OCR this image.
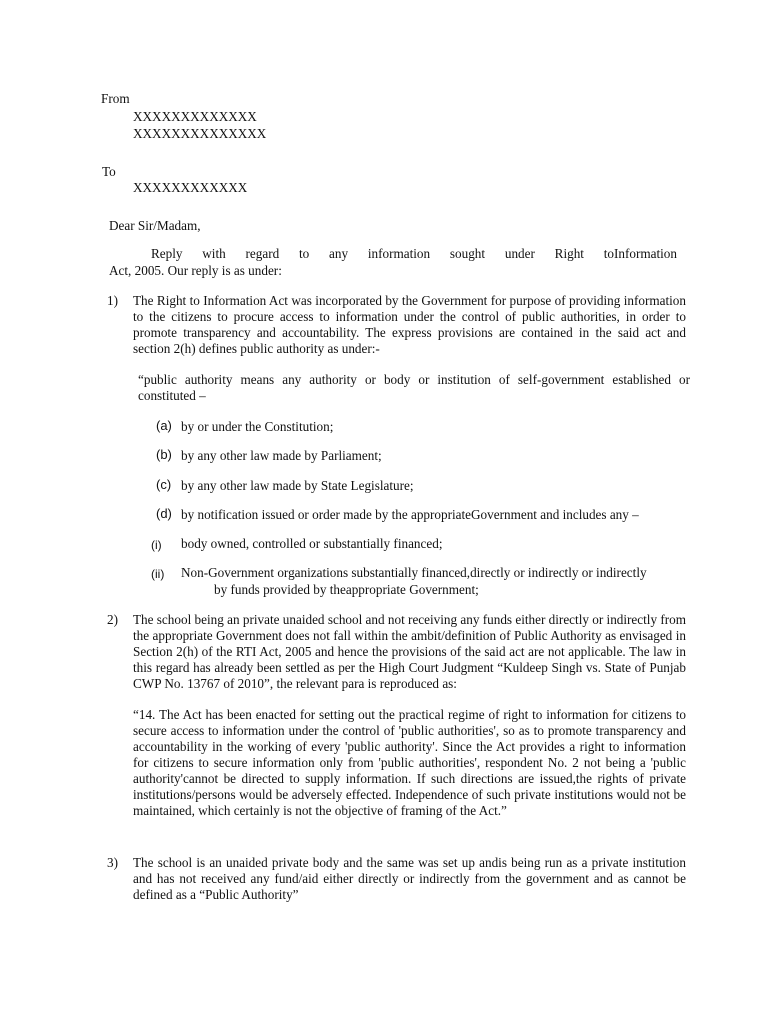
From
XXXXXXXXXXXXX
XXXXXXXXXXXXXX
To
XXXXXXXXXXXX
Dear Sir/Madam,
Reply with regard to any information sought under Right toInformation
Act, 2005. Our reply is as under:
1) The Right to Information Act was incorporated by the Government for purpose of providing information to the citizens to procure access to information under the control of public authorities, in order to promote transparency and accountability. The express provisions are contained in the said act and section 2(h) defines public authority as under:-
“public authority means any authority or body or institution of self-government established or constituted –
(a) by or under the Constitution;
(b) by any other law made by Parliament;
(c) by any other law made by State Legislature;
(d) by notification issued or order made by the appropriateGovernment and includes any –
(i) body owned, controlled or substantially financed;
(ii) Non-Government organizations substantially financed,directly or indirectly or indirectly
by funds provided by theappropriate Government;
2) The school being an private unaided school and not receiving any funds either directly or indirectly from the appropriate Government does not fall within the ambit/definition of Public Authority as envisaged in Section 2(h) of the RTI Act, 2005 and hence the provisions of the said act are not applicable. The law in this regard has already been settled as per the High Court Judgment “Kuldeep Singh vs. State of Punjab CWP No. 13767 of 2010”, the relevant para is reproduced as:
“14. The Act has been enacted for setting out the practical regime of right to information for citizens to secure access to information under the control of 'public authorities', so as to promote transparency and accountability in the working of every 'public authority'. Since the Act provides a right to information for citizens to secure information only from 'public authorities', respondent No. 2 not being a 'public authority'cannot be directed to supply information. If such directions are issued,the rights of private institutions/persons would be adversely effected. Independence of such private institutions would not be maintained, which certainly is not the objective of framing of the Act.”
3) The school is an unaided private body and the same was set up andis being run as a private institution and has not received any fund/aid either directly or indirectly from the government and as cannot be defined as a “Public Authority”
